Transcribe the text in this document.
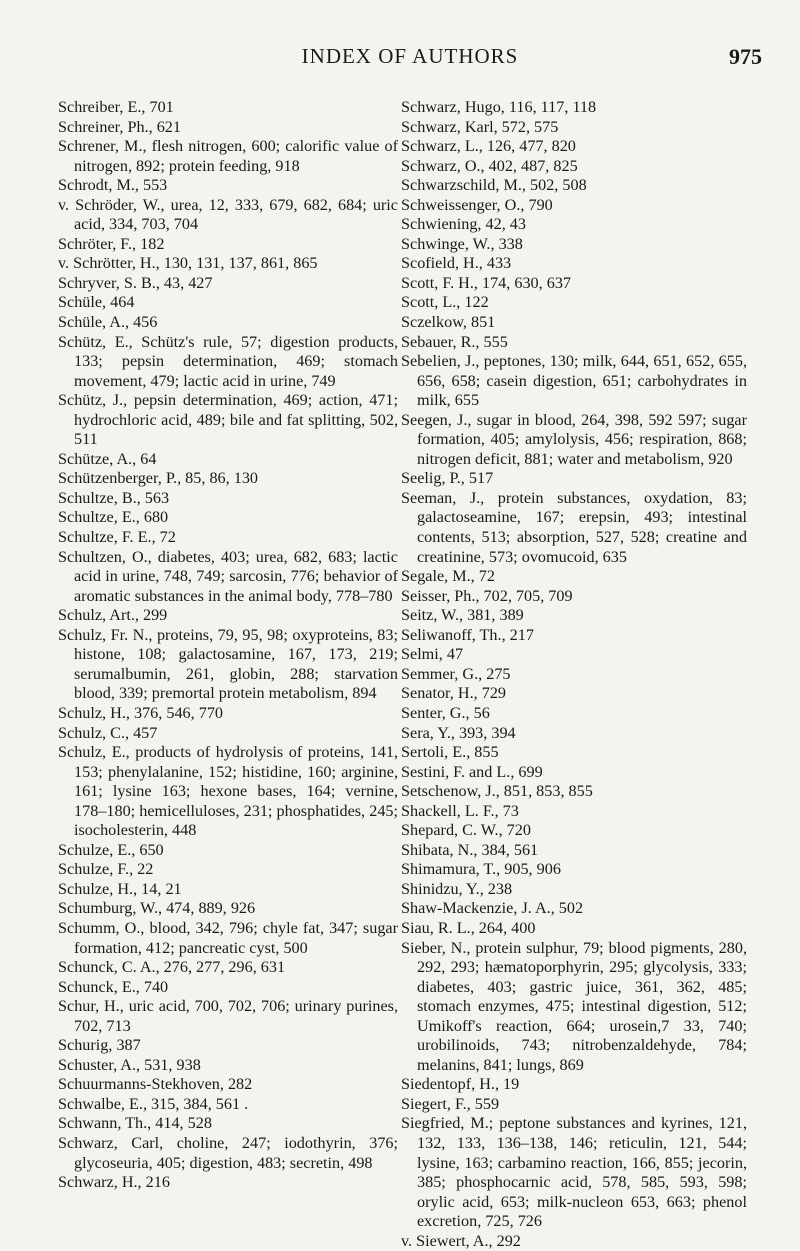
INDEX OF AUTHORS	975
Schreiber, E., 701
Schreiner, Ph., 621
Schrener, M., flesh nitrogen, 600; calorific value of nitrogen, 892; protein feeding, 918
Schrodt, M., 553
v. Schröder, W., urea, 12, 333, 679, 682, 684; uric acid, 334, 703, 704
Schröter, F., 182
v. Schrötter, H., 130, 131, 137, 861, 865
Schryver, S. B., 43, 427
Schüle, 464
Schüle, A., 456
Schütz, E., Schütz's rule, 57; digestion products, 133; pepsin determination, 469; stomach movement, 479; lactic acid in urine, 749
Schütz, J., pepsin determination, 469; action, 471; hydrochloric acid, 489; bile and fat splitting, 502, 511
Schütze, A., 64
Schützenberger, P., 85, 86, 130
Schultze, B., 563
Schultze, E., 680
Schultze, F. E., 72
Schultzen, O., diabetes, 403; urea, 682, 683; lactic acid in urine, 748, 749; sarcosin, 776; behavior of aromatic substances in the animal body, 778–780
Schulz, Art., 299
Schulz, Fr. N., proteins, 79, 95, 98; oxyproteins, 83; histone, 108; galactosamine, 167, 173, 219; serumalbumin, 261, globin, 288; starvation blood, 339; premortal protein metabolism, 894
Schulz, H., 376, 546, 770
Schulz, C., 457
Schulz, E., products of hydrolysis of proteins, 141, 153; phenylalanine, 152; histidine, 160; arginine, 161; lysine 163; hexone bases, 164; vernine, 178–180; hemicelluloses, 231; phosphatides, 245; isocholesterin, 448
Schulze, E., 650
Schulze, F., 22
Schulze, H., 14, 21
Schumburg, W., 474, 889, 926
Schumm, O., blood, 342, 796; chyle fat, 347; sugar formation, 412; pancreatic cyst, 500
Schunck, C. A., 276, 277, 296, 631
Schunck, E., 740
Schur, H., uric acid, 700, 702, 706; urinary purines, 702, 713
Schurig, 387
Schuster, A., 531, 938
Schuurmanns-Stekhoven, 282
Schwalbe, E., 315, 384, 561 .
Schwann, Th., 414, 528
Schwarz, Carl, choline, 247; iodothyrin, 376; glycoseuria, 405; digestion, 483; secretin, 498
Schwarz, H., 216
Schwarz, Hugo, 116, 117, 118
Schwarz, Karl, 572, 575
Schwarz, L., 126, 477, 820
Schwarz, O., 402, 487, 825
Schwarzschild, M., 502, 508
Schweissenger, O., 790
Schwiening, 42, 43
Schwinge, W., 338
Scofield, H., 433
Scott, F. H., 174, 630, 637
Scott, L., 122
Sczelkow, 851
Sebauer, R., 555
Sebelien, J., peptones, 130; milk, 644, 651, 652, 655, 656, 658; casein digestion, 651; carbohydrates in milk, 655
Seegen, J., sugar in blood, 264, 398, 592 597; sugar formation, 405; amylolysis, 456; respiration, 868; nitrogen deficit, 881; water and metabolism, 920
Seelig, P., 517
Seeman, J., protein substances, oxydation, 83; galactoseamine, 167; erepsin, 493; intestinal contents, 513; absorption, 527, 528; creatine and creatinine, 573; ovomucoid, 635
Segale, M., 72
Seisser, Ph., 702, 705, 709
Seitz, W., 381, 389
Seliwanoff, Th., 217
Selmi, 47
Semmer, G., 275
Senator, H., 729
Senter, G., 56
Sera, Y., 393, 394
Sertoli, E., 855
Sestini, F. and L., 699
Setschenow, J., 851, 853, 855
Shackell, L. F., 73
Shepard, C. W., 720
Shibata, N., 384, 561
Shimamura, T., 905, 906
Shinidzu, Y., 238
Shaw-Mackenzie, J. A., 502
Siau, R. L., 264, 400
Sieber, N., protein sulphur, 79; blood pigments, 280, 292, 293; hæmatoporphyrin, 295; glycolysis, 333; diabetes, 403; gastric juice, 361, 362, 485; stomach enzymes, 475; intestinal digestion, 512; Umikoff's reaction, 664; urosein,7 33, 740; urobilinoids, 743; nitrobenzaldehyde, 784; melanins, 841; lungs, 869
Siedentopf, H., 19
Siegert, F., 559
Siegfried, M.; peptone substances and kyrines, 121, 132, 133, 136–138, 146; reticulin, 121, 544; lysine, 163; carbamino reaction, 166, 855; jecorin, 385; phosphocarnic acid, 578, 585, 593, 598; orylic acid, 653; milk-nucleon 653, 663; phenol excretion, 725, 726
v. Siewert, A., 292
